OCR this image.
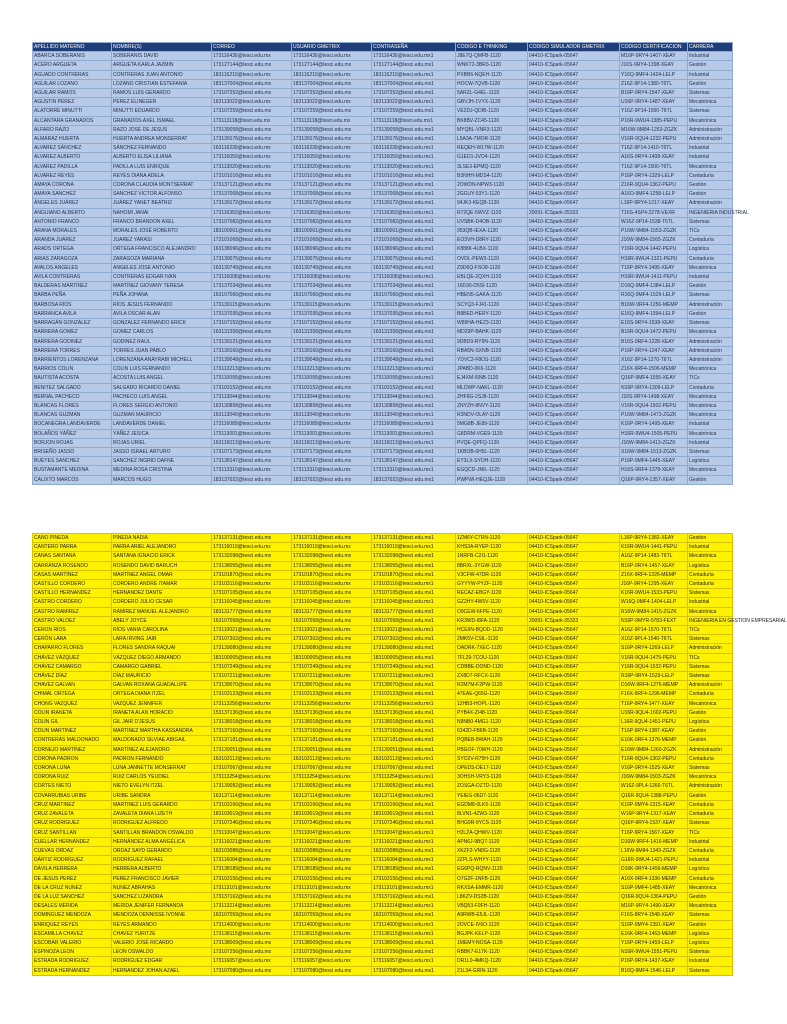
APELLIDO MATERNO	NOMBRE(S)	CORREO	USUARIO GMETRIX	CONTRASEÑA	CODIGO E THINKING	CODIGO SIMULADOR GMETRIX	CODIGO CERTIFICACION	CARRERA
ABARCA SOBERANIS	SOBERANIS DAVID	173116436@tesci.edu.mx	173116436@tesci.edu.mx	173116436@tesci.edu.mx1	J8E7Q-QMFB-1120	04410-ICSpark-05647	M16P-9RY4-1407-XEAY	Industrial
ACERO ARGUETA	ARGUETA KARLA JAZMIN	173127144@tesci.edu.mx	173127144@tesci.edu.mx	173127144@tesci.edu.mx1	WNKT2-3BR3-1120	04410-ICSpark-05647	J16S-9RY4-1398-XEAY	Gestión
AGUADO CONTRERAS	CONTRERAS JUAN ANTONIO	183116219@tesci.edu.mx	183116219@tesci.edu.mx	183116219@tesci.edu.mx1	PXBB6-NQEH-1120	04410-ICSpark-05647	Y16Q-9MF4-1424-LELP	Industrial
AGUILAR LOZANO	LOZANO CRISTIAN ESTEFANIA	183137004@tesci.edu.mx	183137004@tesci.edu.mx	183137004@tesci.edu.mx1	HOCW-7QVB-1120	04410-ICSpark-05647	Z16Z-9P14-1380-T6TL	Gestión
AGUILAR RAMOS	RAMOS LUIS GERARDO	173107252@tesci.edu.mx	173107252@tesci.edu.mx	173107252@tesci.edu.mx1	5ARZL-G4EL-1120	04410-ICSpark-05647	B16P-9RY4-1547-XEAY	Sistemas
AGUSTIN PEREZ	PEREZ ELINEGER	163113022@tesci.edu.mx	163113022@tesci.edu.mx	163113022@tesci.edu.mx1	GBVJH-1VYX-1120	04410-ICSpark-05647	U16P-9RY4-1487-XEAY	Mecatrónica
ALATORRE MINUTTI	MINUTTI EDUARDO	173107259@tesci.edu.mx	173107259@tesci.edu.mx	173107259@tesci.edu.mx1	VE2DJ-QDIB-1120	04410-ICSpark-05647	Y16Z-9P14-1550-T6TL	Sistemas
ALCANTARA GRANADOS	GRANADOS AXEL ISMAEL	173113118@tesci.edu.mx	173113118@tesci.edu.mx	173113118@tesci.edu.mx1	BK8BV-ZC45-1120	04410-ICSpark-05647	P16R-9WU4-1385-PEPU	Mecatrónica
ALFARO RAZO	RAZO JOSE DE JESUS	173139058@tesci.edu.mx	173139058@tesci.edu.mx	173139058@tesci.edu.mx1	MYQBL-VNR3-1120	04410-ICSpark-05647	M16W-9M84-1263-ZGZK	Administración
ALMARAZ HUERTA	HUERTA ANDREA MONSERRAT	173139176@tesci.edu.mx	173139176@tesci.edu.mx	173139176@tesci.edu.mx1	L5A3A-7MOR-1120	04410-ICSpark-05647	V16R-9QU4-1232-PEPU	Administración
ALVAREZ SÁNCHEZ	SÁNCHEZ FERNANDO	163116239@tesci.edu.mx	163116239@tesci.edu.mx	163116239@tesci.edu.mx1	REQEH-W17W-1120	04410-ICSpark-05647	T16Z-9P14-1410-T6TL	Industrial
ALVAREZ ALBERTO	ALBERTO ELISA LILIANA	173116059@tesci.edu.mx	173116059@tesci.edu.mx	173116059@tesci.edu.mx1	G1ED1-JVO4-1120	04410-ICSpark-05647	A16S-9RY4-1408-XEAY	Industrial
ALVAREZ PADILLA	PADILLA LUIS ENRIQUE	173113020@tesci.edu.mx	173113020@tesci.edu.mx	173113020@tesci.edu.mx1	3LSE3-EPMQ-1120	04410-ICSpark-05647	T16Z-9P14-1500-T6TL	Mecatrónica
ALVAREZ REYES	REYES DIANA ADELA	173101016@tesci.edu.mx	173101016@tesci.edu.mx	173101016@tesci.edu.mx1	B3NHH-MDS4-1120	04410-ICSpark-05647	P16P-9RY4-1329-LELP	Contaduría
AMAYA CORONA	CORONA CLAUDIA MONTSERRAT	173137121@tesci.edu.mx	173137121@tesci.edu.mx	173137121@tesci.edu.mx1	2OWDN-NPW3-1120	04410-ICSpark-05647	Z16R-9QU4-1362-PEPU	Gestión
AMAYA SANCHEZ	SANCHEZ VICTOR ALFONSO	173137068@tesci.edu.mx	173137068@tesci.edu.mx	173137068@tesci.edu.mx1	2GGUY-53Y1-1120	04410-ICSpark-05647	A16O-9MF4-1258-LELP	Gestión
ÁNGELES JUÁREZ	JUÁREZ YANET BEATRIZ	173139172@tesci.edu.mx	173139172@tesci.edu.mx	173139172@tesci.edu.mx1	94JK3-KEQB-1120	04410-ICSpark-05647	L16P-9RY4-1217-XEAY	Administración
ANGUIANO ALBERTO	NAHOMI JANAI	173116353@tesci.edu.mx	173116353@tesci.edu.mx	173116353@tesci.edu.mx1	R72QE-5WVZ-1120	20091-ICSpark-35323	T16S-4SP4-2278-VEXR	INGENIERIA INDUSTRIAL
ANTONIO FRANCO	FRANCO BRANDON AXEL	173107082@tesci.edu.mx	173107082@tesci.edu.mx	173107082@tesci.edu.mx1	UVSBK-D4OB-1120	04410-ICSpark-05647	W16Z-9P14-1538-T6TL	Sistemas
ARANA MORALES	MORALES JOSÉ ROBERTO	183100001@tesci.edu.mx	183100001@tesci.edu.mx	183100001@tesci.edu.mx1	953QB-IEXA-1120	04410-ICSpark-05647	P16W-9M84-1553-ZGZK	TICs
ARANDA JUAREZ	JUAREZ YARASI	173101068@tesci.edu.mx	173101068@tesci.edu.mx	173101068@tesci.edu.mx1	EO3VH-D8RY-1120	04410-ICSpark-05647	J16W-9M84-1565-ZGZK	Contaduría
ARADS ORTEGA	ORTEGA FRANCISCO ALEJANDRO	163138096@tesci.edu.mx	163138096@tesci.edu.mx	163138096@tesci.edu.mx1	K888K-4LBX-1120	04410-ICSpark-05647	Y16R-9QU4-1442-PEPU	Logística
ARIAS ZARAGOZA	ZARAGOZA MARIANA	173130075@tesci.edu.mx	173130075@tesci.edu.mx	173130075@tesci.edu.mx1	OVDL-PEW3-1120	04410-ICSpark-05647	H16R-9WU4-1321-PEPU	Contaduría
AVALOS ANGELES	ANGELES JOSE ANTONIO	163130749@tesci.edu.mx	163130749@tesci.edu.mx	163130749@tesci.edu.mx1	Z9D6Q-FSO8-1120	04410-ICSpark-05647	T16P-9RY4-1495-XEAY	Mecatrónica
AVILA CONTRERAS	CONTRERAS EDGAR IVAN	173116008@tesci.edu.mx	173116008@tesci.edu.mx	173116008@tesci.edu.mx1	EBLQE-2QXH-1120	04410-ICSpark-05647	H16R-9WU4-1411-PEPU	Industrial
BALDERAS MARTÍNEZ	MARTÍNEZ GIOVANY TERESA	173137034@tesci.edu.mx	173137034@tesci.edu.mx	173137034@tesci.edu.mx1	16D36-D5SI-1120	04410-ICSpark-05647	D16Q-9MF4-1384-LELP	Gestión
BARBA PEÑA	PEÑA JOHANA	163107066@tesci.edu.mx	163107066@tesci.edu.mx	163107066@tesci.edu.mx1	HBEN5-GAKA-1120	04410-ICSpark-05647	R16Q-9MF4-1529-LELP	Sistemas
BARBOSA RÍOS	RÍOS JESUS FERNANDO	173139115@tesci.edu.mx	173139115@tesci.edu.mx	173139115@tesci.edu.mx1	SCYQ3-FJ41-1120	04410-ICSpark-05647	B16W-9RF4-1256-MEMP	Administración
BARRANCA AVILA	AVILA OSCAR ALAN	173137035@tesci.edu.mx	173137035@tesci.edu.mx	173137035@tesci.edu.mx1	B8BED-HERY-1120	04410-ICSpark-05647	E16Q-9MF4-1394-LELP	Gestión
BARRAGÁN GONZÁLEZ	GONZALEZ FERNANDO ERICK	173107152@tesci.edu.mx	173107152@tesci.edu.mx	173107152@tesci.edu.mx1	W89HA-HEZ3-1120	04410-ICSpark-05647	E16S-9RY4-1538-XEAY	Sistemas
BARRERA GOMEZ	GOMEZ CARLOS	163131358@tesci.edu.mx	163131358@tesci.edu.mx	163131358@tesci.edu.mx1	MD29P-BAHK-1120	04410-ICSpark-05647	B16R-9QU4-1472-PEPU	Mecatrónica
BARRERA GODINEZ	GODINEZ RAUL	173139121@tesci.edu.mx	173139121@tesci.edu.mx	173139121@tesci.edu.mx1	9DBD9-RY9N-1120	04410-ICSpark-05647	B16S-9RF4-1228-XEAY	Administración
BARRERA TORRES	TORRES JUAN PABLO	173139160@tesci.edu.mx	173139160@tesci.edu.mx	173139160@tesci.edu.mx1	RBA5N-SXNB-1120	04410-ICSpark-05647	P16P-9RY4-1247-XEAY	Administración
BARRIENTOS LORENZANA	LORENZANA ANAYRABI MICHELL	173139048@tesci.edu.mx	173139048@tesci.edu.mx	173139048@tesci.edu.mx1	YDVC2-F8OS-1120	04410-ICSpark-05647	X16Z-9P14-1270-T6TL	Administración
BARRIOS COLIN	COLIN LUIS FERNANDO	173113213@tesci.edu.mx	173113213@tesci.edu.mx	173113213@tesci.edu.mx1	JPABD-IIK6-1120	04410-ICSpark-05647	Z16X-9RF4-1506-MEMP	Mecatrónica
BAUTISTA ACOSTA	ACOSTA LUIS ANGEL	173110099@tesci.edu.mx	173110099@tesci.edu.mx	173110099@tesci.edu.mx1	EJ4XM-I5NB-1120	04410-ICSpark-05647	Q16P-9MF4-1555-XEAY	TICs
BENITEZ SALGADO	SALGADO RICARDO DANIEL	173103152@tesci.edu.mx	173103152@tesci.edu.mx	173103152@tesci.edu.mx1	MLDWP-NAKL-1120	04410-ICSpark-05647	N16P-9RY4-1309-LELP	Contaduría
BERNAL PACHECO	PACHECO LUIS ANGEL	173113044@tesci.edu.mx	173113044@tesci.edu.mx	173113044@tesci.edu.mx1	ZHF8G-2SJ8-1120	04410-ICSpark-05647	J16S-9RY4-1498-XEAY	Mecatrónica
BLANCAS FLORES	FLORES SERGIO ANTONIO	163130858@tesci.edu.mx	163130858@tesci.edu.mx	163130858@tesci.edu.mx1	ZNYZH-8NVY-1120	04410-ICSpark-05647	V16R-9QU4-1502-PEPU	Mecatrónica
BLANCAS GUZMAN	GUZMAN MAURICIO	163113049@tesci.edu.mx	163113049@tesci.edu.mx	163113049@tesci.edu.mx1	R3NDV-OLAY-1120	04410-ICSpark-05647	P16W-9M84-1473-ZGZK	Mecatrónica
BOCANEGRA LANDAVERDE	LANDAVERDE DANIEL	173116089@tesci.edu.mx	173116089@tesci.edu.mx	173116089@tesci.edu.mx1	5MG8B-JE89-1120	04410-ICSpark-05647	K16P-9RY4-1495-XEAY	Industrial
BOLAÑOS YÁÑEZ	YÁÑEZ JESICA	173113001@tesci.edu.mx	173113001@tesci.edu.mx	173113001@tesci.edu.mx1	G8DRM-VGE9-1120	04410-ICSpark-05647	H16R-9WU4-1505-PEPU	Mecatrónica
BORJON ROJAS	ROJAS URIEL	163116013@tesci.edu.mx	163116013@tesci.edu.mx	163116013@tesci.edu.mx1	PVQE-QPFQ-1120	04410-ICSpark-05647	J16W-9M84-1413-ZGZK	Industrial
BRISEÑO JASSO	JASSO ISRAEL ARTURO	173107173@tesci.edu.mx	173107173@tesci.edu.mx	173107173@tesci.edu.mx1	1KBOB-6H5L-1120	04410-ICSpark-05647	X16W-9M84-1513-ZGZK	Sistemas
BUEYES SANCHEZ	SANCHEZ INGRID DAFNE	173138147@tesci.edu.mx	173138147@tesci.edu.mx	173138147@tesci.edu.mx1	EY3LX-SYOH-1120	04410-ICSpark-05647	P16P-9MF4-1445-XEAY	Logística
BUSTAMANTE MEDINA	MEDINA ROSA CRISTINA	173113310@tesci.edu.mx	173113310@tesci.edu.mx	173113310@tesci.edu.mx1	EGQCD-JNIL-1120	04410-ICSpark-05647	H16S-9RF4-1378-XEAY	Mecatrónica
CALIXTO MARCOS	MARCOS HUGO	183137022@tesci.edu.mx	183137022@tesci.edu.mx	183137022@tesci.edu.mx1	PWPWI-HEQJE-1120	04410-ICSpark-05647	Q16P-9RY4-1357-XEAY	Gestión
CANO PINEDA	PINEDA NADIA	173137131@tesci.edu.mx	173137131@tesci.edu.mx	173137131@tesci.edu.mx1	1ZM6Y-C7RN-1120	04410-ICSpark-05647	L16P-9RY4-1382-XEAY	Gestión
CANTERO PARRA	PARRA ARIEL ALEJANDRO	173116019@tesci.edu.mx	173116019@tesci.edu.mx	173116019@tesci.edu.mx1	KHS3A-RYEP-1120	04410-ICSpark-05647	K16R-9WU4-1441-PEPU	Industrial
CANAS SANTANA	SANTANA IGNACIO ERICK	173132098@tesci.edu.mx	173132098@tesci.edu.mx	173132098@tesci.edu.mx1	1NRFB-C2I1-1120	04410-ICSpark-05647	A16Z-9P14-1483-T6TL	Mecatrónica
CARRANZA ROSENDO	ROSENDO DAVID BARUCH	173138055@tesci.edu.mx	173138055@tesci.edu.mx	173138055@tesci.edu.mx1	8BRXL-3YGW-1120	04410-ICSpark-05647	B16P-9RY4-1457-XEAY	Logística
CASAS MARTÍNEZ	MARTÍNEZ ANGEL OMAR	173101870@tesci.edu.mx	173101870@tesci.edu.mx	173101870@tesci.edu.mx1	V3CFW-47DR-1120	04410-ICSpark-05647	Z16X-9RF4-1326-MEMP	Contaduría
CASTILLO CORDERO	CORDERO ANDRE ITAMAR	173103116@tesci.edu.mx	173103116@tesci.edu.mx	173103116@tesci.edu.mx1	GYYYW-PYZF-1120	04410-ICSpark-05647	J16P-9RY4-1295-XEAY	Contaduría
CASTILLO HERNANDEZ	HERNANDEZ DANTE	173107105@tesci.edu.mx	173107105@tesci.edu.mx	173107105@tesci.edu.mx1	RECAZ-EBGY-1120	04410-ICSpark-05647	K16R-9WU4-1533-PEPU	Sistemas
CASTRO CORDERO	CORDERO JULIO CESAR	173116045@tesci.edu.mx	173116045@tesci.edu.mx	173116045@tesci.edu.mx1	GZ2HY-4W5V-1120	04410-ICSpark-05647	W16Q-9MF4-1404-LELP	Industrial
CASTRO RAMIREZ	RAMIREZ MANUEL ALEJANDRO	183131777@tesci.edu.mx	183131777@tesci.edu.mx	183131777@tesci.edu.mx1	O9CEW-6FPE-1120	04410-ICSpark-05647	R16W-9M84-1415-ZGZK	Mecatrónica
CASTRO VALDEZ	ABELY JOYCE	163107058@tesci.edu.mx	163107058@tesci.edu.mx	163107058@tesci.edu.mx1	KR3WD-I8FA-1120	20091-ICSpark-35323	N16P-9MYR-0783-FEXT	INGENIERIA EN GESTION EMPRESARIAL
CERON RÍOS	RÍOS VANIA CAROLINA	173110021@tesci.edu.mx	173110021@tesci.edu.mx	173110021@tesci.edu.mx1	HCE9N-BQOD-1120	04410-ICSpark-05647	A16Z-9P14-1570-T6TL	TICs
CERÓN LARA	LARA IRVING JAIR	173107302@tesci.edu.mx	173107302@tesci.edu.mx	173107302@tesci.edu.mx1	2MK5V-CSIL-1120	04410-ICSpark-05647	X16Z-9PL4-1540-T6TL	Sistemas
CHAPARRO FLORES	FLORES SANDRA RAQUAI	173139080@tesci.edu.mx	173139080@tesci.edu.mx	173139080@tesci.edu.mx1	OADRK-7XEC-1120	04410-ICSpark-05647	S16P-9RY4-1269-LELP	Administración
CHÁVEZ VÁZQUEZ	VÁZQUEZ DIEGO ARMANDO	183100005@tesci.edu.mx	183100005@tesci.edu.mx	183100005@tesci.edu.mx1	7FL29-7COU-1120	04410-ICSpark-05647	V16R-9QU4-1475-PEPU	TICs
CHÁVEZ CAMARGO	CAMARGO GABRIEL	173107249@tesci.edu.mx	173107249@tesci.edu.mx	173107249@tesci.edu.mx1	CDBBE-DOND-1120	04410-ICSpark-05647	Y16R-9QU4-1532-PEPU	Sistemas
CHÁVEZ DÍAZ	DÍAZ MAURICIO	173107211@tesci.edu.mx	173107211@tesci.edu.mx	173107211@tesci.edu.mx1	ZX8D7-RFCX-1120	04410-ICSpark-05647	R16P-9RY4-1529-LELP	Sistemas
CHAVEZ GALVAN	GALVAN ROXANA GUADALUPE	173139070@tesci.edu.mx	173139070@tesci.edu.mx	173139070@tesci.edu.mx1	R2M7M-F2PW-1120	04410-ICSpark-05647	D16W-9RF4-1276-MEMP	Administración
CHIMAL ORTEGA	ORTEGA DIANA ITZEL	173103123@tesci.edu.mx	173103123@tesci.edu.mx	173103123@tesci.edu.mx1	47EAE-Q65G-1120	04410-ICSpark-05647	F16X-9RF4-1296-MEMP	Contaduría
CHONG VAZQUEZ	VAZQUEZ JENNIFER	173113256@tesci.edu.mx	173113256@tesci.edu.mx	173113256@tesci.edu.mx1	12HB3-HOPL-1120	04410-ICSpark-05647	T16P-9RY4-1477-XEAY	Mecatrónica
COLIN IRANETA	IRANETA ALAN HORACIO	153137136@tesci.edu.mx	153137136@tesci.edu.mx	153137136@tesci.edu.mx1	PYB4X-ZI48-1120	04410-ICSpark-05647	U16R-9QU4-1602-PEPU	Gestión
COLIN GIL	GIL JAIR D'JESUS	173138018@tesci.edu.mx	173138018@tesci.edu.mx	173138018@tesci.edu.mx1	N9NB0-4MG1-1120	04410-ICSpark-05647	L16R-9QU4-1451-PEPU	Logística
COLIN MARTINEZ	MARTINEZ MARTHA KASSANDRA	173137160@tesci.edu.mx	173137160@tesci.edu.mx	173137160@tesci.edu.mx1	6342D-FB6B-1120	04410-ICSpark-05647	T16P-9RY4-1387-XEAY	Gestión
CONTRERAS MALDONADO	MALDONADO SILVIAE ABIGAIL	173137181@tesci.edu.mx	173137181@tesci.edu.mx	173137181@tesci.edu.mx1	PQBEB-8WAH-1120	04410-ICSpark-05647	E16K-9RF4-1376-MEMP	Gestión
CORNEJO MARTÍNEZ	MARTÍNEZ ALEJANDRO	173139051@tesci.edu.mx	173139051@tesci.edu.mx	173139051@tesci.edu.mx1	PBGOF-70WH-1120	04410-ICSpark-05647	E16W-9M84-1260-ZGZK	Administración
CORONA PADRON	PADRON FERNANDO	163103113@tesci.edu.mx	163103113@tesci.edu.mx	163103113@tesci.edu.mx1	SYO2V-R75H-1120	04410-ICSpark-05647	T16R-9QU4-1302-PEPU	Contaduría
CORONA LUNA	LUNA JANNETTE MONSERRAT	173107067@tesci.edu.mx	173107067@tesci.edu.mx	173107067@tesci.edu.mx1	OPEDS-DE17-1120	04410-ICSpark-05647	V16P-9RY4-1525-XEAY	Sistemas
CORONA RUIZ	RUIZ CARLOS YEUDIEL	173113254@tesci.edu.mx	173113254@tesci.edu.mx	173113254@tesci.edu.mx1	3OHSH-VRY3-1120	04410-ICSpark-05647	J16W-9M84-1503-ZGZK	Mecatrónica
CORTES NIETO	NIETO EVELYN ITZEL	173139082@tesci.edu.mx	173139082@tesci.edu.mx	173139082@tesci.edu.mx1	ZOSGA-DZTD-1120	04410-ICSpark-05647	W16Z-9PL4-1260-T6TL	Administración
COVARRUBIAS URIBE	URIBE SANDRA	163137114@tesci.edu.mx	163137114@tesci.edu.mx	163137114@tesci.edu.mx1	YEIEG-06D7-1120	04410-ICSpark-05647	Q16R-9QU4-1388-PEPU	Gestión
CRUZ MARTINEZ	MARTINEZ LUIS GERARDO	173103166@tesci.edu.mx	173103166@tesci.edu.mx	173103166@tesci.edu.mx1	EGDM8-0LK5-1120	04410-ICSpark-05647	K16P-9MY4-1315-XEAY	Contaduría
CRUZ ZAVALETA	ZAVALETA DIANA LIZETH	183103019@tesci.edu.mx	183103019@tesci.edu.mx	183103019@tesci.edu.mx1	8LVN1-4ZW3-1120	04410-ICSpark-05647	W16P-9RY4-1317-XEAY	Contaduría
CRUZ RODRIGUEZ	RODRIGUEZ ALFREDO	173107246@tesci.edu.mx	173107246@tesci.edu.mx	173107246@tesci.edu.mx1	BHG9R-9YCS-1120	04410-ICSpark-05647	Q16P-9RY4-1537-XEAY	Sistemas
CRUZ SANTILLAN	SANTILLAN BRANDON OSWALDO	173110047@tesci.edu.mx	173110047@tesci.edu.mx	173110047@tesci.edu.mx1	H2LZA-QHWV-1120	04410-ICSpark-05647	T16P-9RY4-1567-XEAY	TICs
CUELLAR HERNÁNDEZ	HERNÁNDEZ ALMA ANGÉLICA	173116021@tesci.edu.mx	173116021@tesci.edu.mx	173116021@tesci.edu.mx1	APN6J-9BQ7-1120	04410-ICSpark-05647	D16W-9RF4-1416-MEMP	Industrial
CUEVAS ORDAZ	ORDAZ SAYD GERARDO	163103088@tesci.edu.mx	163103088@tesci.edu.mx	163103088@tesci.edu.mx1	XKZF2-VN8G-1120	04410-ICSpark-05647	L16W-9M84-1343-ZGZK	Contaduría
DÁRTIZ RODRÍGUEZ	RODRÍGUEZ RAFAEL	173116084@tesci.edu.mx	173116084@tesci.edu.mx	173116084@tesci.edu.mx1	2ZPLS-WHYY-1120	04410-ICSpark-05647	G16R-9WU4-1421-PEPU	Industrial
DÁVILA HERRERA	HERRERA ALBERTO	173138189@tesci.edu.mx	173138189@tesci.edu.mx	173138189@tesci.edu.mx1	EG6PQ-RQNV-1120	04410-ICSpark-05647	D16K-9RY4-1456-MEMP	Logística
DE JESUS PEREZ	PEREZ FRANCISCO JAVIER	173103156@tesci.edu.mx	173103156@tesci.edu.mx	173103156@tesci.edu.mx1	O7G2F-1NFB-1120	04410-ICSpark-05647	A16X-9RF4-1336-MEMP	Contaduría
DE LA CRUZ NUNEZ	NUNEZ ABRAHAS	173113101@tesci.edu.mx	173113101@tesci.edu.mx	173113101@tesci.edu.mx1	RKXSA-EMMR-1120	04410-ICSpark-05647	S16P-9MF4-1485-XEAY	Mecatrónica
DE LA LUZ SANCHEZ	SANCHEZ LIZANDRA	173137162@tesci.edu.mx	173137162@tesci.edu.mx	173137162@tesci.edu.mx1	L8KZV-DS2B-1120	04410-ICSpark-05647	Q16R-9QU4-1364-PEPU	Gestión
DESALES MERIDA	MERIDA JENIFER FERNANDA	173113214@tesci.edu.mx	173113214@tesci.edu.mx	173113214@tesci.edu.mx1	VBQ53-F9FH-1120	04410-ICSpark-05647	M16P-9RY4-1490-XEAY	Mecatrónica
DOMINGUEZ MENDOZA	MENDOZA DENNISSE IVONNE	163107059@tesci.edu.mx	163107059@tesci.edu.mx	163107059@tesci.edu.mx1	A9RWB-E5JL-1120	04410-ICSpark-05647	F16S-9RY4-1548-XEAY	Sistemas
ENRIQUEZ REYES	REYES ARMANDO	173114000@tesci.edu.mx	173114000@tesci.edu.mx	173114000@tesci.edu.mx1	2OVCE-IV6O-1120	04410-ICSpark-05647	S16P-9MY4-1391-XEAY	Gestión
ESCAMILLA CHAVEZ	CHAVEZ YURITZE	173138115@tesci.edu.mx	173138115@tesci.edu.mx	173138115@tesci.edu.mx1	BGJPK-KELP-1120	04410-ICSpark-05647	E16K-9RF4-1463-MEMP	Logística
ESCOBAR VALERIO	VALERIO JOSÉ RICARDO	173138009@tesci.edu.mx	173138009@tesci.edu.mx	173138009@tesci.edu.mx1	1MEMY-NOSA-1120	04410-ICSpark-05647	Y16P-9RY4-1459-LELP	Logística
ESPINOZA LEON	LEON OSWALDO	173107256@tesci.edu.mx	173107256@tesci.edu.mx	173107256@tesci.edu.mx1	RBBK7-E17K-1120	04410-ICSpark-05647	N16R-9WU4-1551-PEPU	Sistemas
ESTRADA RODRIGUEZ	RODRIGUEZ EDGAR	173116057@tesci.edu.mx	173116057@tesci.edu.mx	173116057@tesci.edu.mx1	DR1L0-4MKQ-1120	04410-ICSpark-05647	P16P-9RY4-1437-XEAY	Industrial
ESTRADA HERNANDEZ	HERNANDEZ JOHAN AZAEL	173107080@tesci.edu.mx	173107080@tesci.edu.mx	173107080@tesci.edu.mx1	21L34-GRIN-1120	04410-ICSpark-05647	B16Q-9MF4-1546-LELP	Sistemas
